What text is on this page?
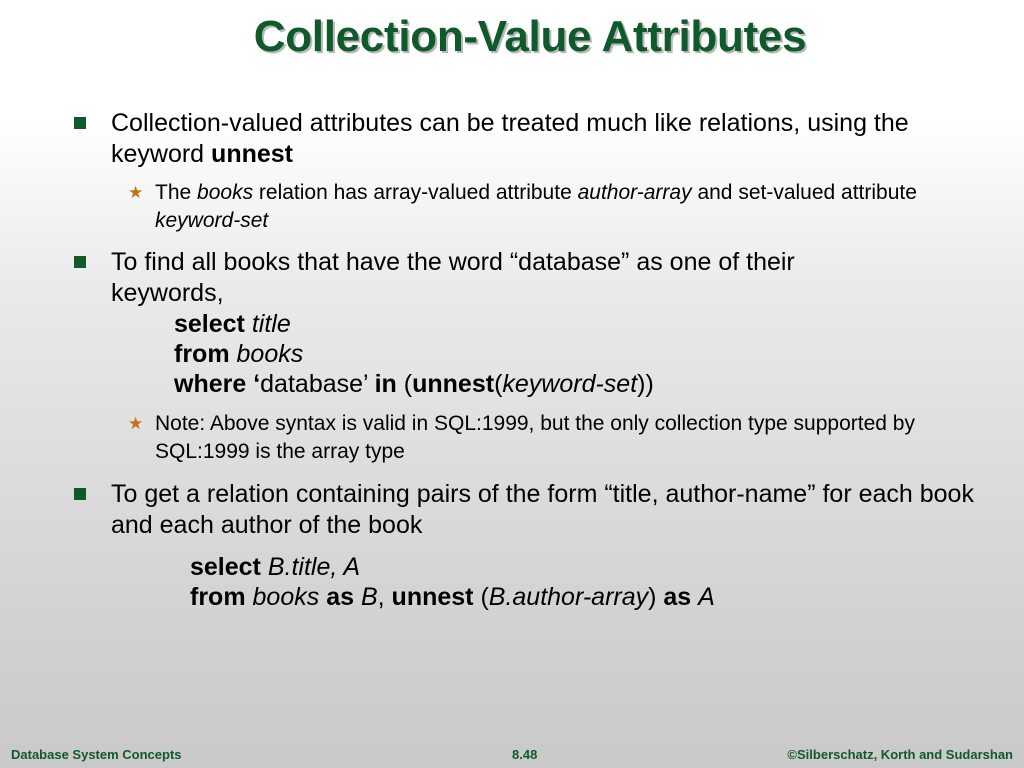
Collection-Value Attributes
Collection-valued attributes can be treated much like relations, using the keyword unnest
★ The books relation has array-valued attribute author-array and set-valued attribute keyword-set
To find all books that have the word “database” as one of their keywords,
select title
from books
where ‘database’ in (unnest(keyword-set))
★ Note: Above syntax is valid in SQL:1999, but the only collection type supported by SQL:1999 is the array type
To get a relation containing pairs of the form “title, author-name” for each book and each author of the book
select B.title, A
from books as B, unnest (B.author-array) as A
Database System Concepts	8.48	©Silberschatz, Korth and Sudarshan
